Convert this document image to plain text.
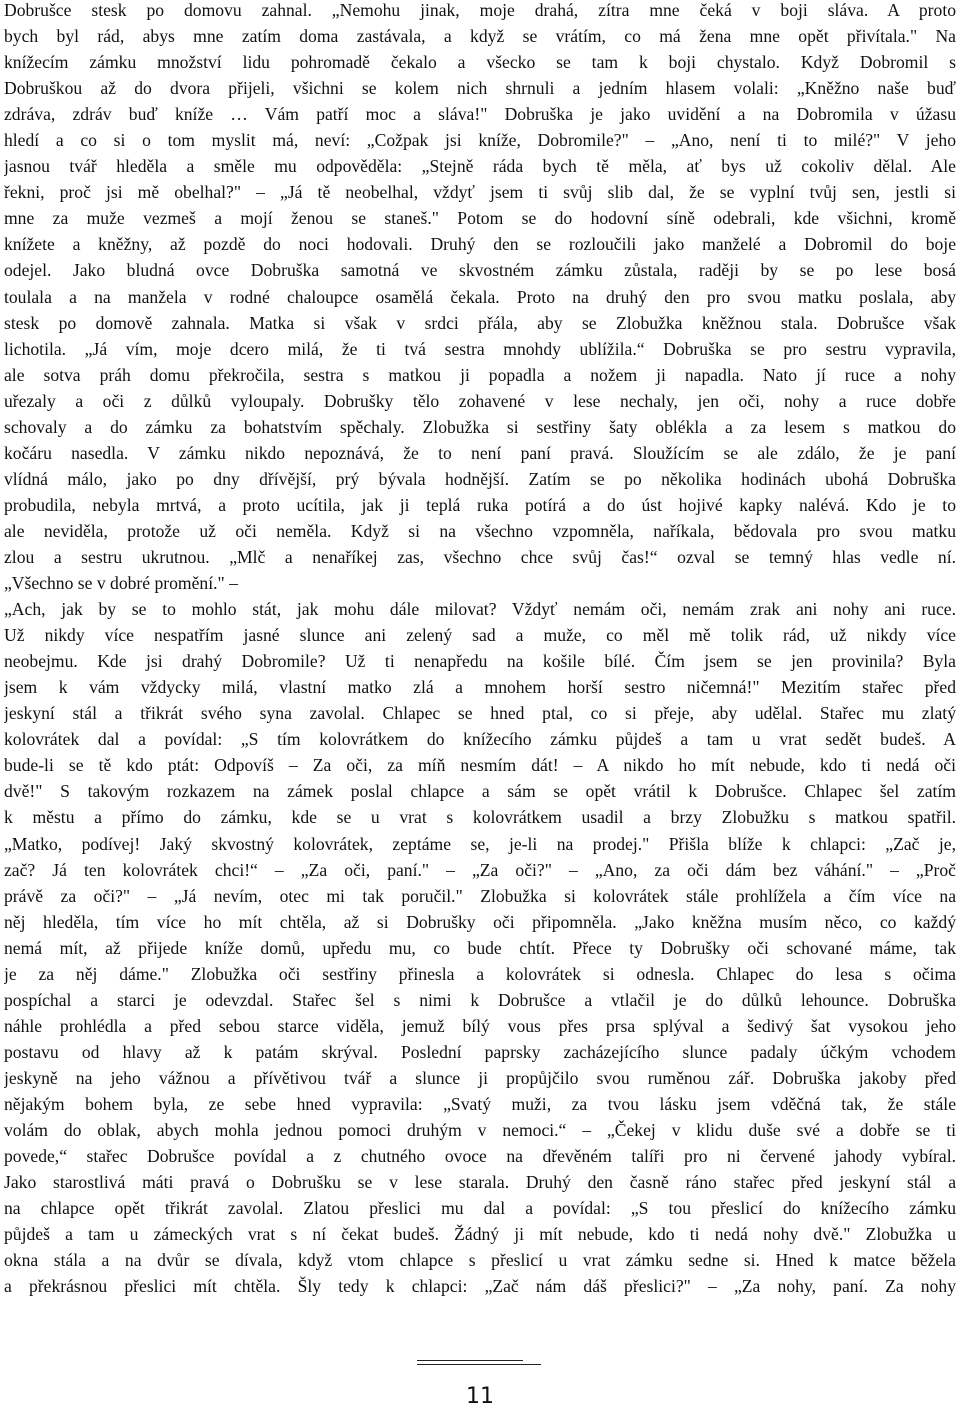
Dobrušce stesk po domovu zahnal. „Nemohu jinak, moje drahá, zítra mne čeká v boji sláva. A proto
bych byl rád, abys mne zatím doma zastávala, a když se vrátím, co má žena mne opět přivítala." Na
knížecím zámku množství lidu pohromadě čekalo a všecko se tam k boji chystalo. Když Dobromil s
Dobruškou až do dvora přijeli, všichni se kolem nich shrnuli a jedním hlasem volali: „Kněžno naše buď
zdráva, zdráv buď kníže … Vám patří moc a sláva!" Dobruška je jako uvidění a na Dobromila v úžasu
hledí a co si o tom myslit má, neví: „Cožpak jsi kníže, Dobromile?" – „Ano, není ti to milé?" V jeho
jasnou tvář hleděla a směle mu odpověděla: „Stejně ráda bych tě měla, ať bys už cokoliv dělal. Ale
řekni, proč jsi mě obelhal?" – „Já tě neobelhal, vždyť jsem ti svůj slib dal, že se vyplní tvůj sen, jestli si
mne za muže vezmeš a mojí ženou se staneš." Potom se do hodovní síně odebrali, kde všichni, kromě
knížete a kněžny, až pozdě do noci hodovali. Druhý den se rozloučili jako manželé a Dobromil do boje
odejel. Jako bludná ovce Dobruška samotná ve skvostném zámku zůstala, raději by se po lese bosá
toulala a na manžela v rodné chaloupce osamělá čekala. Proto na druhý den pro svou matku poslala, aby
stesk po domově zahnala. Matka si však v srdci přála, aby se Zlobužka kněžnou stala. Dobrušce však
lichotila. „Já vím, moje dcero milá, že ti tvá sestra mnohdy ublížila.“ Dobruška se pro sestru vypravila,
ale sotva práh domu překročila, sestra s matkou ji popadla a nožem ji napadla. Nato jí ruce a nohy
uřezaly a oči z důlků vyloupaly. Dobrušky tělo zohavené v lese nechaly, jen oči, nohy a ruce dobře
schovaly a do zámku za bohatstvím spěchaly. Zlobužka si sestřiny šaty oblékla a za lesem s matkou do
kočáru nasedla. V zámku nikdo nepoznává, že to není paní pravá. Sloužícím se ale zdálo, že je paní
vlídná málo, jako po dny dřívější, prý bývala hodnější. Zatím se po několika hodinách ubohá Dobruška
probudila, nebyla mrtvá, a proto ucítila, jak ji teplá ruka potírá a do úst hojivé kapky nalévá. Kdo je to
ale neviděla, protože už oči neměla. Když si na všechno vzpomněla, naříkala, bědovala pro svou matku
zlou a sestru ukrutnou. „Mlč a nenaříkej zas, všechno chce svůj čas!“ ozval se temný hlas vedle ní.
„Všechno se v dobré promění." –
„Ach, jak by se to mohlo stát, jak mohu dále milovat? Vždyť nemám oči, nemám zrak ani nohy ani ruce.
Už nikdy více nespatřím jasné slunce ani zelený sad a muže, co měl mě tolik rád, už nikdy více
neobejmu. Kde jsi drahý Dobromile? Už ti nenapředu na košile bílé. Čím jsem se jen provinila? Byla
jsem k vám vždycky milá, vlastní matko zlá a mnohem horší sestro ničemná!" Mezitím stařec před
jeskyní stál a třikrát svého syna zavolal. Chlapec se hned ptal, co si přeje, aby udělal. Stařec mu zlatý
kolovrátek dal a povídal: „S tím kolovrátkem do knížecího zámku půjdeš a tam u vrat sedět budeš. A
bude-li se tě kdo ptát: Odpovíš – Za oči, za míň nesmím dát! – A nikdo ho mít nebude, kdo ti nedá oči
dvě!" S takovým rozkazem na zámek poslal chlapce a sám se opět vrátil k Dobrušce. Chlapec šel zatím
k městu a přímo do zámku, kde se u vrat s kolovrátkem usadil a brzy Zlobužku s matkou spatřil.
„Matko, podívej! Jaký skvostný kolovrátek, zeptáme se, je-li na prodej." Přišla blíže k chlapci: „Zač je,
zač? Já ten kolovrátek chci!“ – „Za oči, paní." – „Za oči?" – „Ano, za oči dám bez váhání." – „Proč
právě za oči?" – „Já nevím, otec mi tak poručil." Zlobužka si kolovrátek stále prohlížela a čím více na
něj hleděla, tím více ho mít chtěla, až si Dobrušky oči připomněla. „Jako kněžna musím něco, co každý
nemá mít, až přijede kníže domů, upředu mu, co bude chtít. Přece ty Dobrušky oči schované máme, tak
je za něj dáme." Zlobužka oči sestřiny přinesla a kolovrátek si odnesla. Chlapec do lesa s očima
pospíchal a starci je odevzdal. Stařec šel s nimi k Dobrušce a vtlačil je do důlků lehounce. Dobruška
náhle prohlédla a před sebou starce viděla, jemuž bílý vous přes prsa splýval a šedivý šat vysokou jeho
postavu od hlavy až k patám skrýval. Poslední paprsky zacházejícího slunce padaly účkým vchodem
jeskyně na jeho vážnou a přívětivou tvář a slunce ji propůjčilo svou ruměnou zář. Dobruška jakoby před
nějakým bohem byla, ze sebe hned vypravila: „Svatý muži, za tvou lásku jsem vděčná tak, že stále
volám do oblak, abych mohla jednou pomoci druhým v nemoci.“ – „Čekej v klidu duše své a dobře se ti
povede,“ stařec Dobrušce povídal a z chutného ovoce na dřevěném talíři pro ni červené jahody vybíral.
Jako starostlivá máti pravá o Dobrušku se v lese starala. Druhý den časně ráno stařec před jeskyní stál a
na chlapce opět třikrát zavolal. Zlatou přeslici mu dal a povídal: „S tou přeslicí do knížecího zámku
půjdeš a tam u zámeckých vrat s ní čekat budeš. Žádný ji mít nebude, kdo ti nedá nohy dvě." Zlobužka u
okna stála a na dvůr se dívala, když vtom chlapce s přeslicí u vrat zámku sedne si. Hned k matce běžela
a překrásnou přeslici mít chtěla. Šly tedy k chlapci: „Zač nám dáš přeslici?" – „Za nohy, paní. Za nohy
11
